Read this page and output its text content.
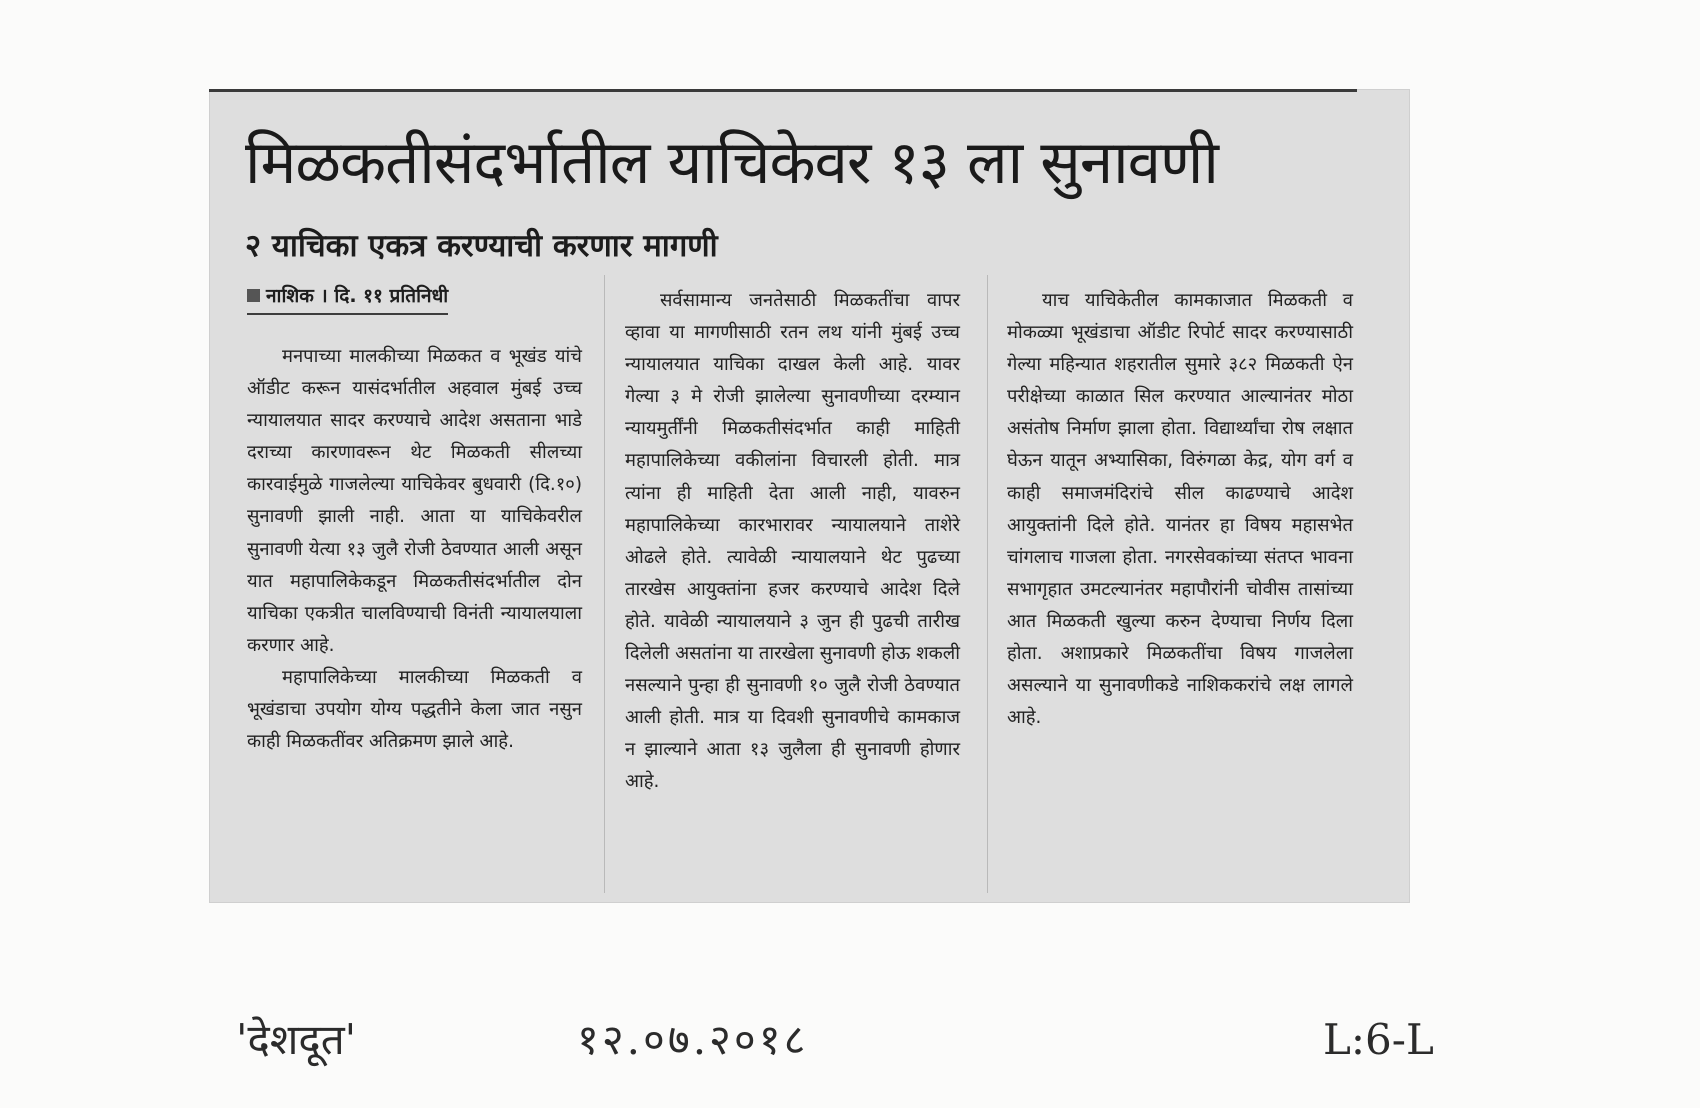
मिळकतीसंदर्भातील याचिकेवर १३ ला सुनावणी
२ याचिका एकत्र करण्याची करणार मागणी
नाशिक । दि. ११ प्रतिनिधी

मनपाच्या मालकीच्या मिळकत व भूखंड यांचे ऑडीट करून यासंदर्भातील अहवाल मुंबई उच्च न्यायालयात सादर करण्याचे आदेश असताना भाडे दराच्या कारणावरून थेट मिळकती सीलच्या कारवाईमुळे गाजलेल्या याचिकेवर बुधवारी (दि.१०) सुनावणी झाली नाही. आता या याचिकेवरील सुनावणी येत्या १३ जुलै रोजी ठेवण्यात आली असून यात महापालिकेकडून मिळकतीसंदर्भातील दोन याचिका एकत्रीत चालविण्याची विनंती न्यायालयाला करणार आहे.

महापालिकेच्या मालकीच्या मिळकती व भूखंडाचा उपयोग योग्य पद्धतीने केला जात नसुन काही मिळकतींवर अतिक्रमण झाले आहे.

सर्वसामान्य जनतेसाठी मिळकतींचा वापर व्हावा या मागणीसाठी रतन लथ यांनी मुंबई उच्च न्यायालयात याचिका दाखल केली आहे. यावर गेल्या ३ मे रोजी झालेल्या सुनावणीच्या दरम्यान न्यायमुर्तींनी मिळकतीसंदर्भात काही माहिती महापालिकेच्या वकीलांना विचारली होती. मात्र त्यांना ही माहिती देता आली नाही, यावरुन महापालिकेच्या कारभारावर न्यायालयाने ताशेरे ओढले होते. त्यावेळी न्यायालयाने थेट पुढच्या तारखेस आयुक्तांना हजर करण्याचे आदेश दिले होते. यावेळी न्यायालयाने ३ जुन ही पुढची तारीख दिलेली असतांना या तारखेला सुनावणी होऊ शकली नसल्याने पुन्हा ही सुनावणी १० जुलै रोजी ठेवण्यात आली होती. मात्र या दिवशी सुनावणीचे कामकाज न झाल्याने आता १३ जुलैला ही सुनावणी होणार आहे.

याच याचिकेतील कामकाजात मिळकती व मोकळ्या भूखंडाचा ऑडीट रिपोर्ट सादर करण्यासाठी गेल्या महिन्यात शहरातील सुमारे ३८२ मिळकती ऐन परीक्षेच्या काळात सिल करण्यात आल्यानंतर मोठा असंतोष निर्माण झाला होता. विद्यार्थ्यांचा रोष लक्षात घेऊन यातून अभ्यासिका, विरुंगळा केद्र, योग वर्ग व काही समाजमंदिरांचे सील काढण्याचे आदेश आयुक्तांनी दिले होते. यानंतर हा विषय महासभेत चांगलाच गाजला होता. नगरसेवकांच्या संतप्त भावना सभागृहात उमटल्यानंतर महापौरांनी चोवीस तासांच्या आत मिळकती खुल्या करुन देण्याचा निर्णय दिला होता. अशाप्रकारे मिळकतींचा विषय गाजलेला असल्याने या सुनावणीकडे नाशिककरांचे लक्ष लागले आहे.

'देशदूत'	१२.०७.२०१८	L:6-L
